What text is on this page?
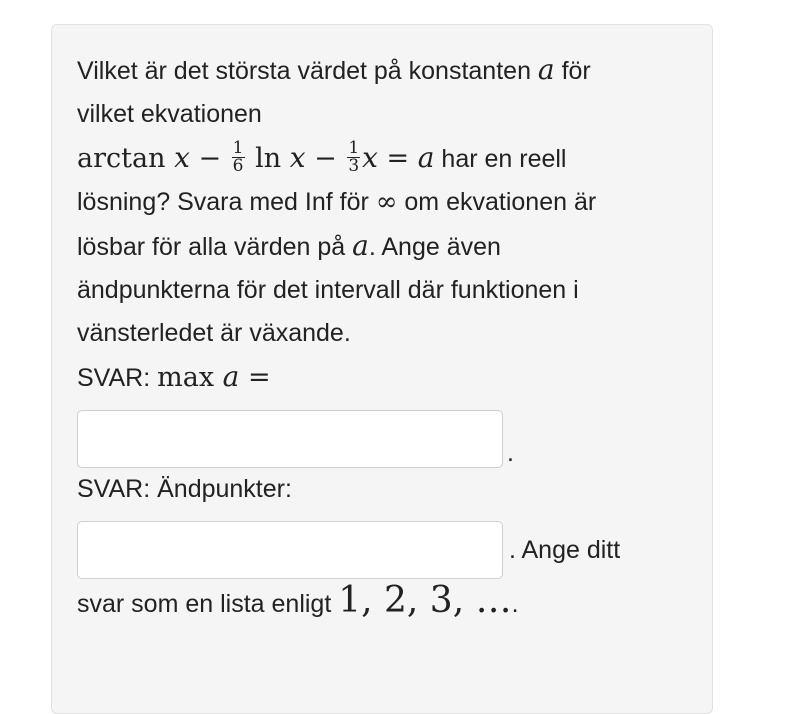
Vilket är det största värdet på konstanten a för
vilket ekvationen
$\arctan x - \frac{1}{6}$ $\ln x - \frac{1}{3}$ x = a har en reell
lösning? Svara med Inf för ∞ om ekvationen är
lösbar för alla värden på a. Ange även
ändpunkterna för det intervall där funktionen i
vänsterledet är växande.

SVAR: max a =

.

SVAR: Ändpunkter:

. Ange ditt

svar som en lista enligt 1, 2, 3, ….
